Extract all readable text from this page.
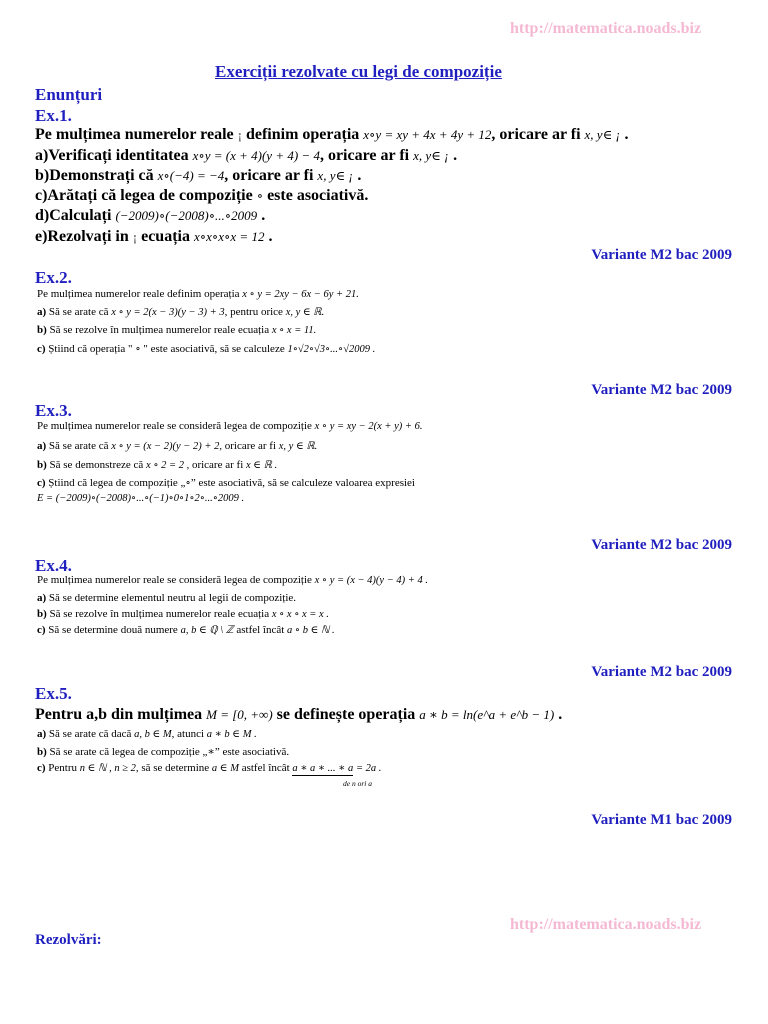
http://matematica.noads.biz
http://matematica.noads.biz
Exerciții rezolvate cu legi de compoziție
Enunțuri
Ex.1.
Pe mulțimea numerelor reale ¡ definim operația x∘y = xy + 4x + 4y + 12, oricare ar fi x, y∈ ¡ .
a)Verificați identitatea x∘y = (x + 4)(y + 4) − 4, oricare ar fi x, y∈ ¡ .
b)Demonstrați că x∘(−4) = −4, oricare ar fi x, y∈ ¡ .
c)Arătați că legea de compoziție ∘ este asociativă.
d)Calculați (−2009)∘(−2008)∘...∘2009 .
e)Rezolvați in ¡ ecuația x∘x∘x∘x = 12 .
Variante M2 bac 2009
Ex.2.
Pe mulțimea numerelor reale definim operația x ∘ y = 2xy − 6x − 6y + 21.
a) Să se arate că x ∘ y = 2(x − 3)(y − 3) + 3, pentru orice x, y ∈ ℝ.
b) Să se rezolve în mulțimea numerelor reale ecuația x ∘ x = 11.
c) Știind că operația " ∘ " este asociativă, să se calculeze 1∘√2∘√3∘...∘√2009 .
Variante M2 bac 2009
Ex.3.
Pe mulțimea numerelor reale se consideră legea de compoziție x ∘ y = xy − 2(x + y) + 6.
a) Să se arate că x ∘ y = (x − 2)(y − 2) + 2, oricare ar fi x, y ∈ ℝ.
b) Să se demonstreze că x ∘ 2 = 2 , oricare ar fi x ∈ ℝ .
c) Știind că legea de compoziție „∘” este asociativă, să se calculeze valoarea expresiei
E = (−2009)∘(−2008)∘...∘(−1)∘0∘1∘2∘...∘2009 .
Variante M2 bac 2009
Ex.4.
Pe mulțimea numerelor reale se consideră legea de compoziție x ∘ y = (x − 4)(y − 4) + 4 .
a) Să se determine elementul neutru al legii de compoziție.
b) Să se rezolve în mulțimea numerelor reale ecuația x ∘ x ∘ x = x .
c) Să se determine două numere a, b ∈ ℚ \ ℤ astfel încât a ∘ b ∈ ℕ .
Variante M2 bac 2009
Ex.5.
Pentru a,b din mulțimea M = [0, +∞) se definește operația a ∗ b = ln(e^a + e^b − 1) .
a) Să se arate că dacă a, b ∈ M, atunci a ∗ b ∈ M .
b) Să se arate că legea de compoziție „∗” este asociativă.
c) Pentru n ∈ ℕ , n ≥ 2, să se determine a ∈ M astfel încât a ∗ a ∗ ... ∗ a = 2a .
de n ori a
Variante M1 bac 2009
Rezolvări:
